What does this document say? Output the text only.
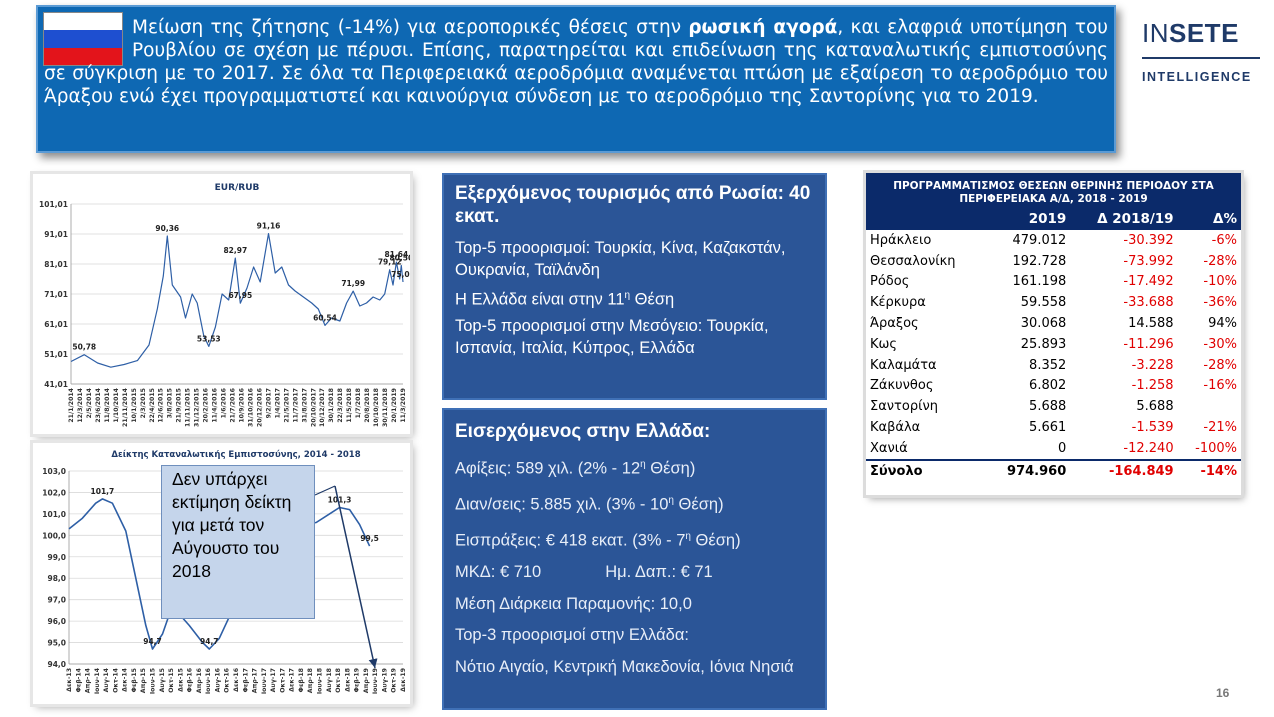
Μείωση της ζήτησης (-14%) για αεροπορικές θέσεις στην ρωσική αγορά, και ελαφριά υποτίμηση του Ρουβλίου σε σχέση με πέρυσι. Επίσης, παρατηρείται και επιδείνωση της καταναλωτικής εμπιστοσύνης σε σύγκριση με το 2017. Σε όλα τα Περιφερειακά αεροδρόμια αναμένεται πτώση με εξαίρεση το αεροδρόμιο του Άραξου ενώ έχει προγραμματιστεί και καινούργια σύνδεση με το αεροδρόμιο της Σαντορίνης για το 2019.
INSETE
INTELLIGENCE
EUR/RUB
101,01
91,01
81,01
71,01
61,01
51,01
41,01
21/1/2014 12/3/2014 2/5/2014 23/6/2014 11/8/2014 1/10/2014 21/11/2014 10/1/2015 2/3/2015 22/4/2015 12/6/2015 3/8/2015 21/9/2015 11/11/2015 31/12/2015 20/2/2016 11/4/2016 1/6/2016 21/7/2016 10/9/2016 31/10/2016 20/12/2016 9/2/2017 1/4/2017 21/5/2017 11/7/2017 31/8/2017 20/10/2017 10/12/2017 30/1/2018 22/3/2018 11/5/2018 1/7/2018 20/8/2018 10/10/2018 30/11/2018 20/1/2019 11/3/2019
50,78
90,36
53,53
82,97
67,95
91,16
60,54
71,99
79,12
81,64
80,5
75,0
Δείκτης Καταναλωτικής Εμπιστοσύνης, 2014 - 2018
103,0
102,0
101,0
100,0
99,0
98,0
97,0
96,0
95,0
94,0
Δεκ-13 Φεβ-14 Απρ-14 Ιουν-14 Αυγ-14 Οκτ-14 Δεκ-14 Φεβ-15 Απρ-15 Ιουν-15 Αυγ-15 Οκτ-15 Δεκ-15 Φεβ-16 Απρ-16 Ιουν-16 Αυγ-16 Οκτ-16 Δεκ-16 Φεβ-17 Απρ-17 Ιουν-17 Αυγ-17 Οκτ-17 Δεκ-17 Φεβ-18 Απρ-18 Ιουν-18 Αυγ-18 Οκτ-18 Δεκ-18 Φεβ-19 Απρ-19 Ιουν-19 Αυγ-19 Οκτ-19 Δεκ-19
101,7
94,7	94,7
101,3
99,5
Δεν υπάρχει εκτίμηση δείκτη για μετά τον Αύγουστο του 2018
Εξερχόμενος τουρισμός από Ρωσία: 40 εκατ.
Top-5 προορισμοί: Τουρκία, Κίνα, Καζακστάν, Ουκρανία, Ταϊλάνδη
Η Ελλάδα είναι στην $11^\eta$ Θέση
Top-5 προορισμοί στην Μεσόγειο: Τουρκία, Ισπανία, Ιταλία, Κύπρος, Ελλάδα
Εισερχόμενος στην Ελλάδα:
Αφίξεις: 589 χιλ. ($2\% - 12^\eta$ Θέση)
Διαν/σεις: 5.885 χιλ. ($3\% - 10^\eta$ Θέση)
Εισπράξεις: € 418 εκατ. ($3\% - 7^\eta$ Θέση)
ΜΚΔ: € 710	Ημ. Δαπ.: € 71
Μέση Διάρκεια Παραμονής: 10,0
Top-3 προορισμοί στην Ελλάδα:
Νότιο Αιγαίο, Κεντρική Μακεδονία, Ιόνια Νησιά
ΠΡΟΓΡΑΜΜΑΤΙΣΜΟΣ ΘΕΣΕΩΝ ΘΕΡΙΝΗΣ ΠΕΡΙΟΔΟΥ ΣΤΑ ΠΕΡΙΦΕΡΕΙΑΚΑ Α/Δ, 2018 - 2019
	2019	Δ 2018/19	Δ%
Ηράκλειο	479.012	-30.392	-6%
Θεσσαλονίκη	192.728	-73.992	-28%
Ρόδος	161.198	-17.492	-10%
Κέρκυρα	59.558	-33.688	-36%
Άραξος	30.068	14.588	94%
Κως	25.893	-11.296	-30%
Καλαμάτα	8.352	-3.228	-28%
Ζάκυνθος	6.802	-1.258	-16%
Σαντορίνη	5.688	5.688	
Καβάλα	5.661	-1.539	-21%
Χανιά	0	-12.240	-100%
Σύνολο	974.960	-164.849	-14%
16
